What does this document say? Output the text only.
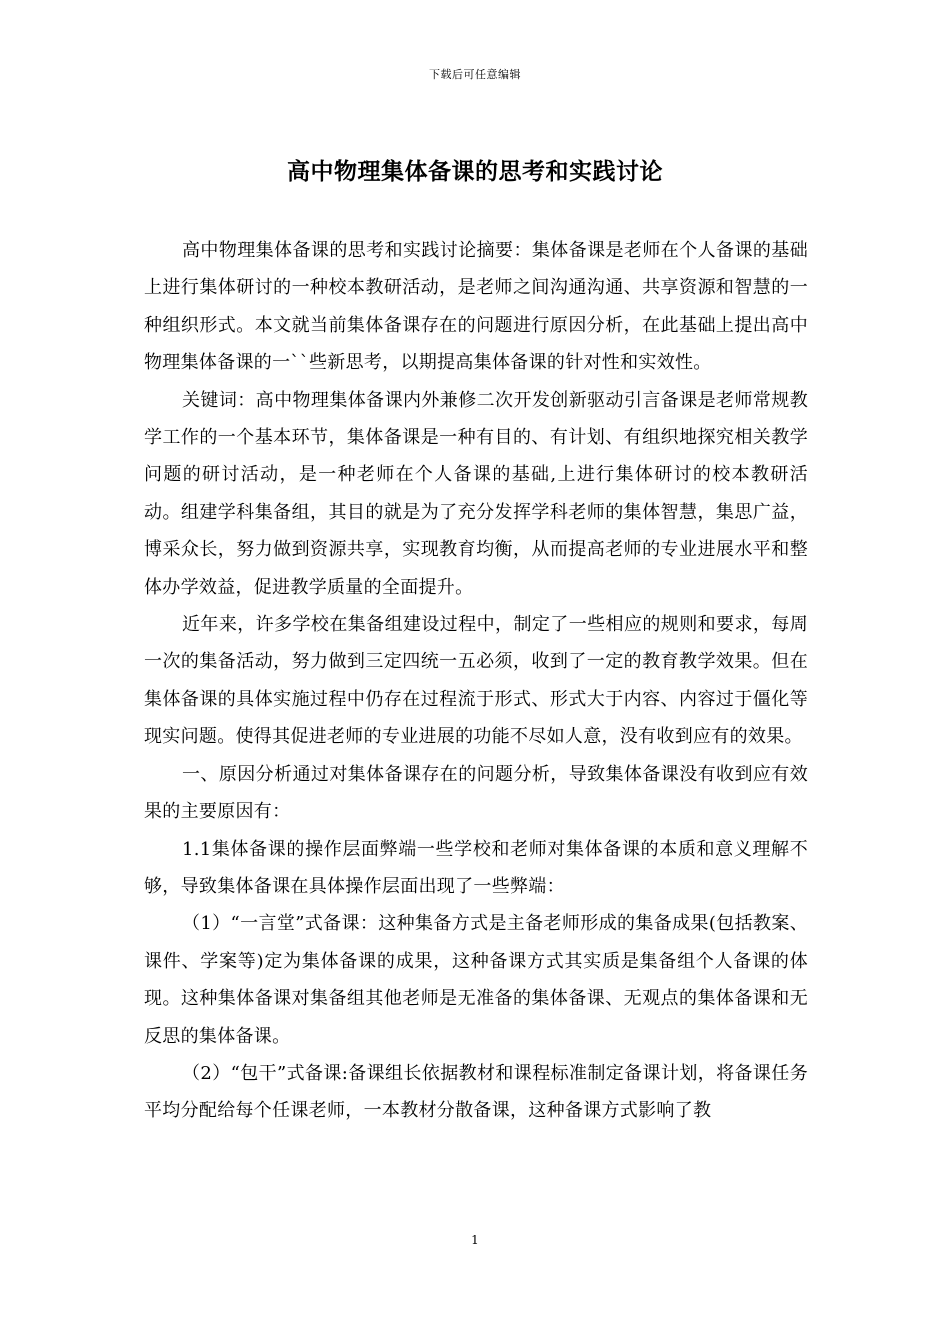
下载后可任意编辑
高中物理集体备课的思考和实践讨论

高中物理集体备课的思考和实践讨论摘要：集体备课是老师在个人备课的基础上进行集体研讨的一种校本教研活动，是老师之间沟通沟通、共享资源和智慧的一种组织形式。本文就当前集体备课存在的问题进行原因分析，在此基础上提出高中物理集体备课的一``些新思考，以期提高集体备课的针对性和实效性。

关键词：高中物理集体备课内外兼修二次开发创新驱动引言备课是老师常规教学工作的一个基本环节，集体备课是一种有目的、有计划、有组织地探究相关教学问题的研讨活动，是一种老师在个人备课的基础,上进行集体研讨的校本教研活动。组建学科集备组，其目的就是为了充分发挥学科老师的集体智慧，集思广益，博采众长，努力做到资源共享，实现教育均衡，从而提高老师的专业进展水平和整体办学效益，促进教学质量的全面提升。

近年来，许多学校在集备组建设过程中，制定了一些相应的规则和要求，每周一次的集备活动，努力做到三定四统一五必须，收到了一定的教育教学效果。但在集体备课的具体实施过程中仍存在过程流于形式、形式大于内容、内容过于僵化等现实问题。使得其促进老师的专业进展的功能不尽如人意，没有收到应有的效果。

一、原因分析通过对集体备课存在的问题分析，导致集体备课没有收到应有效果的主要原因有：

1.1集体备课的操作层面弊端一些学校和老师对集体备课的本质和意义理解不够，导致集体备课在具体操作层面出现了一些弊端：

（1）“一言堂”式备课：这种集备方式是主备老师形成的集备成果(包括教案、课件、学案等)定为集体备课的成果，这种备课方式其实质是集备组个人备课的体现。这种集体备课对集备组其他老师是无准备的集体备课、无观点的集体备课和无反思的集体备课。

（2）“包干”式备课:备课组长依据教材和课程标准制定备课计划，将备课任务平均分配给每个任课老师，一本教材分散备课，这种备课方式影响了教

1
